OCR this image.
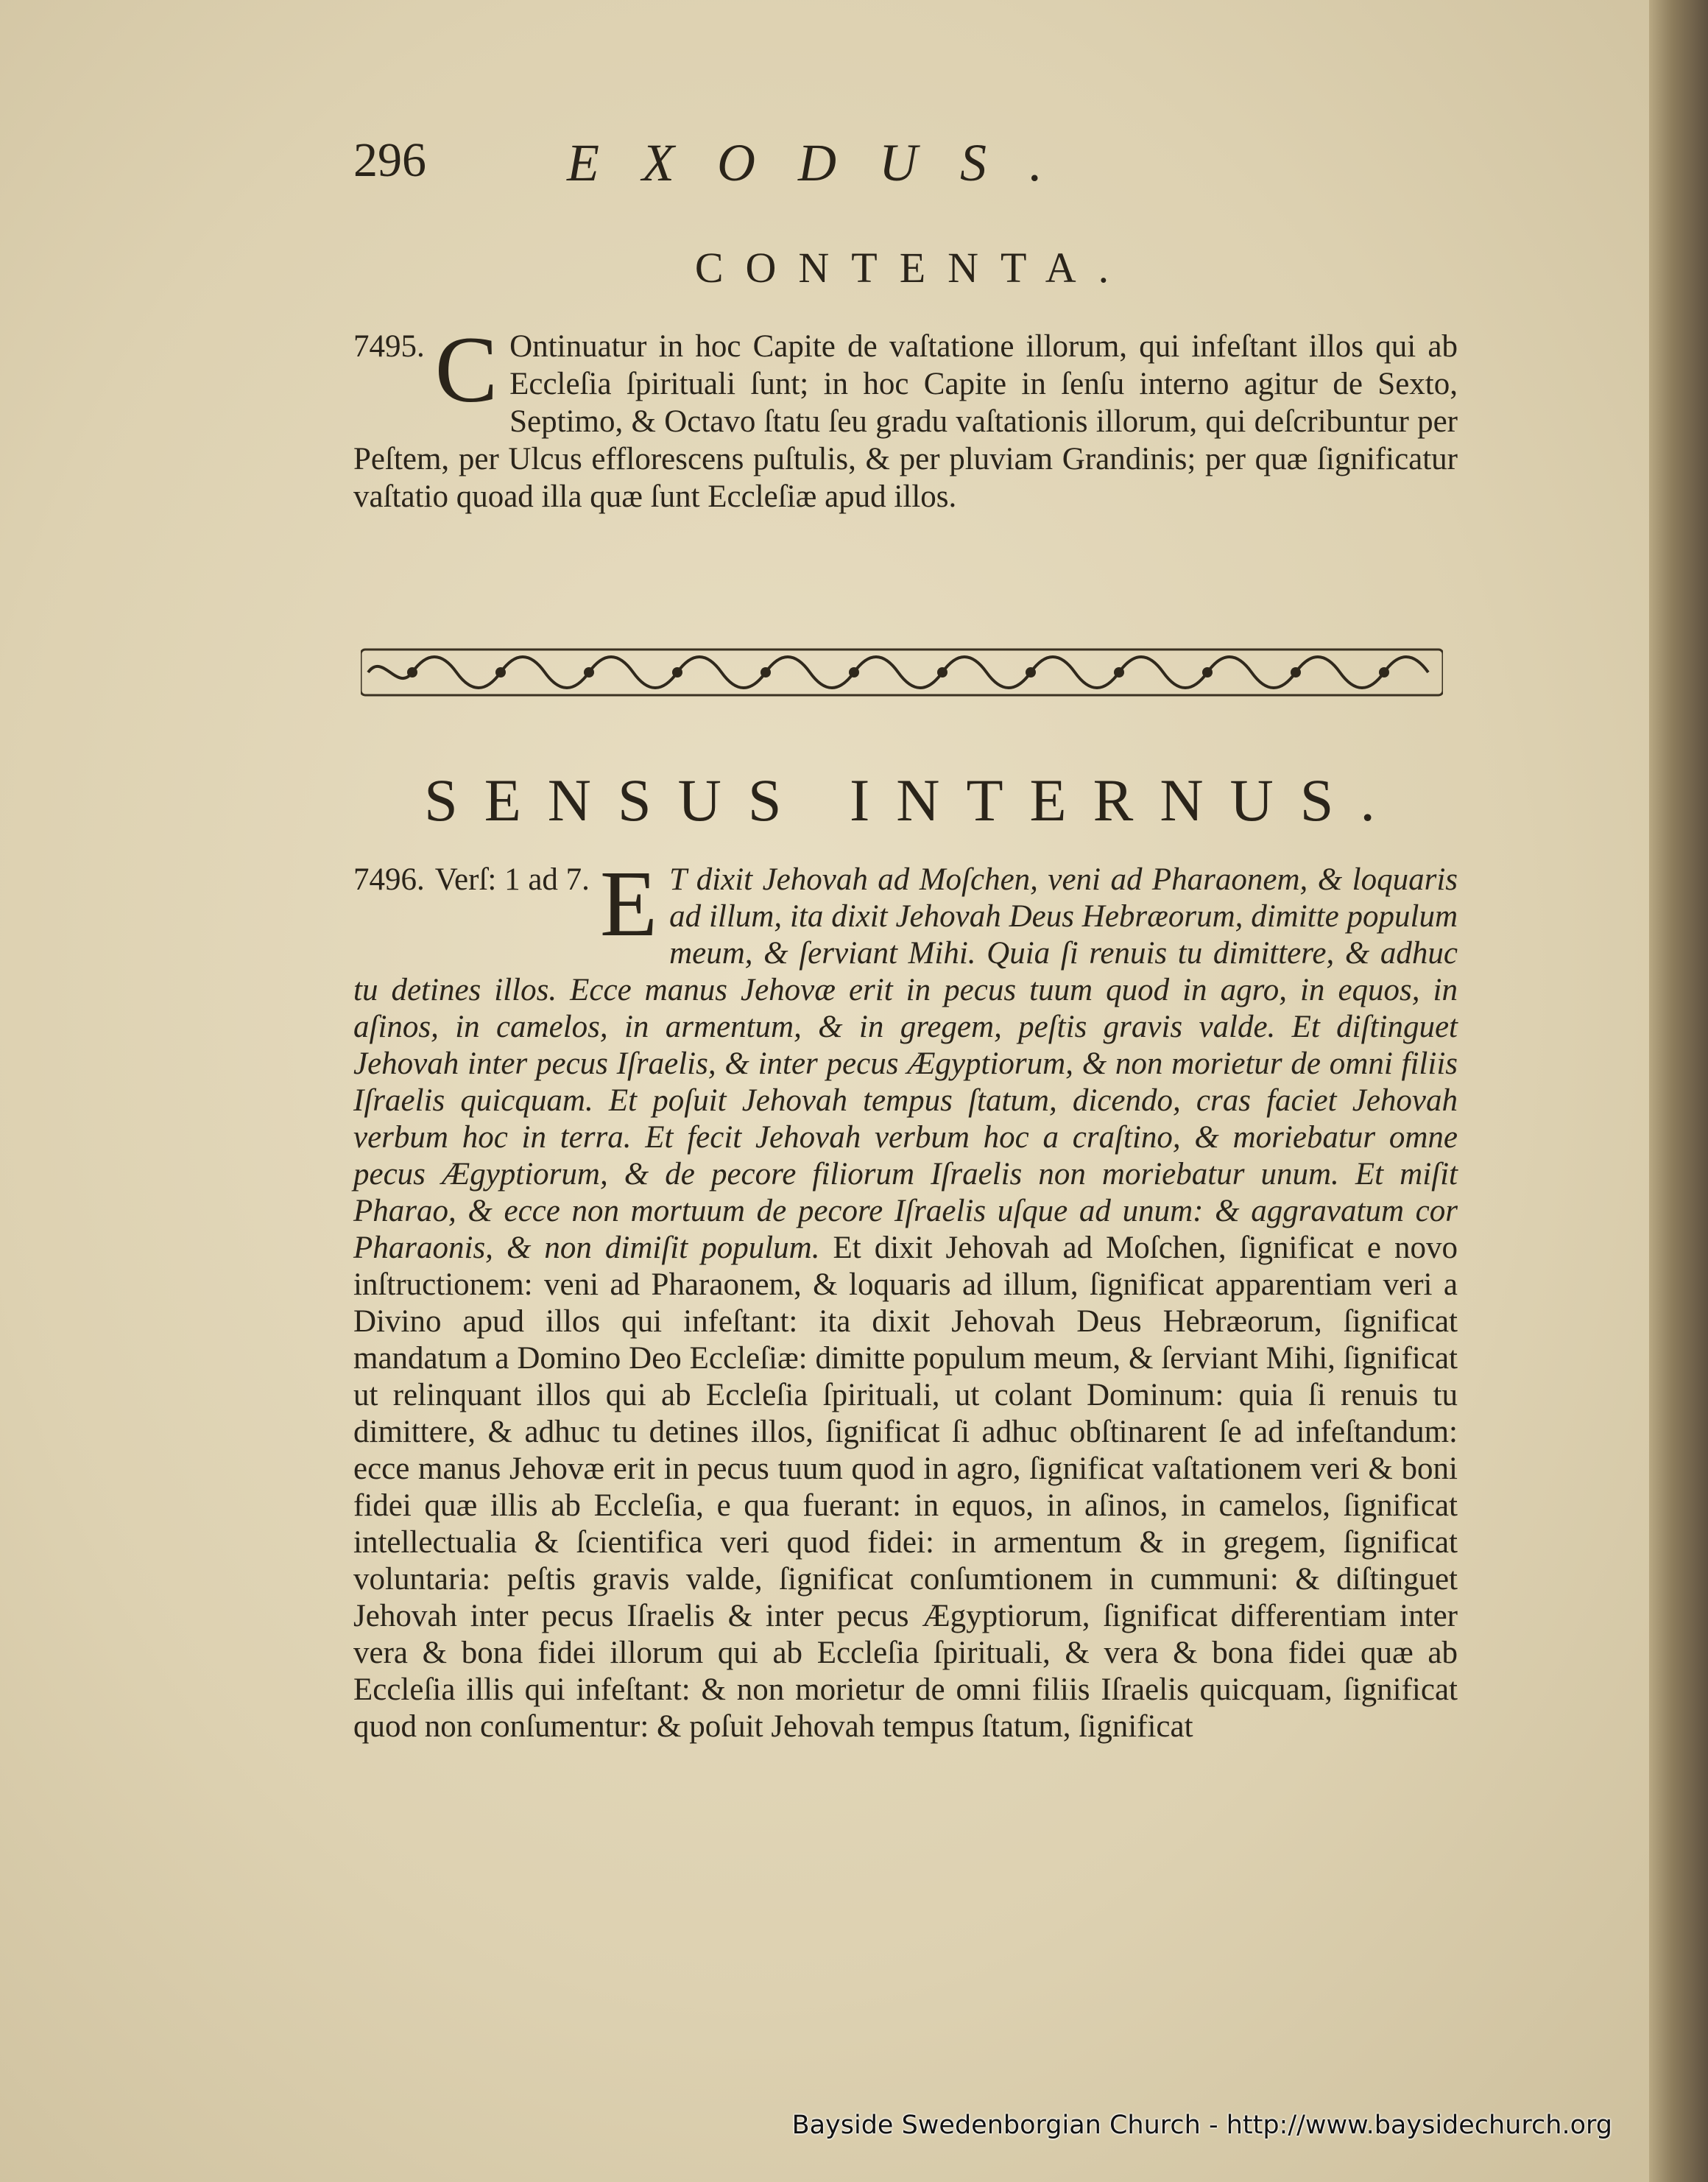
296	EXODUS.
CONTENTA.
7495. C Ontinuatur in hoc Capite de vaſtatione illorum, qui infeſtant illos qui ab Eccleſia ſpirituali ſunt; in hoc Capite in ſenſu interno agitur de Sexto, Septimo, & Octavo ſtatu ſeu gradu vaſtationis illorum, qui deſcribuntur per Peſtem, per Ulcus efflorescens puſtulis, & per pluviam Grandinis; per quæ ſignificatur vaſtatio quoad illa quæ ſunt Eccleſiæ apud illos.
SENSUS INTERNUS.
7496. Verſ: 1 ad 7. E T dixit Jehovah ad Moſchen, veni ad Pharaonem, & loquaris ad illum, ita dixit Jehovah Deus Hebræorum, dimitte populum meum, & ſerviant Mihi. Quia ſi renuis tu dimittere, & adhuc tu detines illos. Ecce manus Jehovæ erit in pecus tuum quod in agro, in equos, in aſinos, in camelos, in armentum, & in gregem, peſtis gravis valde. Et diſtinguet Jehovah inter pecus Iſraelis, & inter pecus Ægyptiorum, & non morietur de omni filiis Iſraelis quicquam. Et poſuit Jehovah tempus ſtatum, dicendo, cras faciet Jehovah verbum hoc in terra. Et fecit Jehovah verbum hoc a craſtino, & moriebatur omne pecus Ægyptiorum, & de pecore filiorum Iſraelis non moriebatur unum. Et miſit Pharao, & ecce non mortuum de pecore Iſraelis uſque ad unum: & aggravatum cor Pharaonis, & non dimiſit populum. Et dixit Jehovah ad Moſchen, ſignificat e novo inſtructionem: veni ad Pharaonem, & loquaris ad illum, ſignificat apparentiam veri a Divino apud illos qui infeſtant: ita dixit Jehovah Deus Hebræorum, ſignificat mandatum a Domino Deo Eccleſiæ: dimitte populum meum, & ſerviant Mihi, ſignificat ut relinquant illos qui ab Eccleſia ſpirituali, ut colant Dominum: quia ſi renuis tu dimittere, & adhuc tu detines illos, ſignificat ſi adhuc obſtinarent ſe ad infeſtandum: ecce manus Jehovæ erit in pecus tuum quod in agro, ſignificat vaſtationem veri & boni fidei quæ illis ab Eccleſia, e qua fuerant: in equos, in aſinos, in camelos, ſignificat intellectualia & ſcientifica veri quod fidei: in armentum & in gregem, ſignificat voluntaria: peſtis gravis valde, ſignificat conſumtionem in cummuni: & diſtinguet Jehovah inter pecus Iſraelis & inter pecus Ægyptiorum, ſignificat differentiam inter vera & bona fidei illorum qui ab Eccleſia ſpirituali, & vera & bona fidei quæ ab Eccleſia illis qui infeſtant: & non morietur de omni filiis Iſraelis quicquam, ſignificat quod non conſumentur: & poſuit Jehovah tempus ſtatum, ſignificat
Bayside Swedenborgian Church - http://www.baysidechurch.org
